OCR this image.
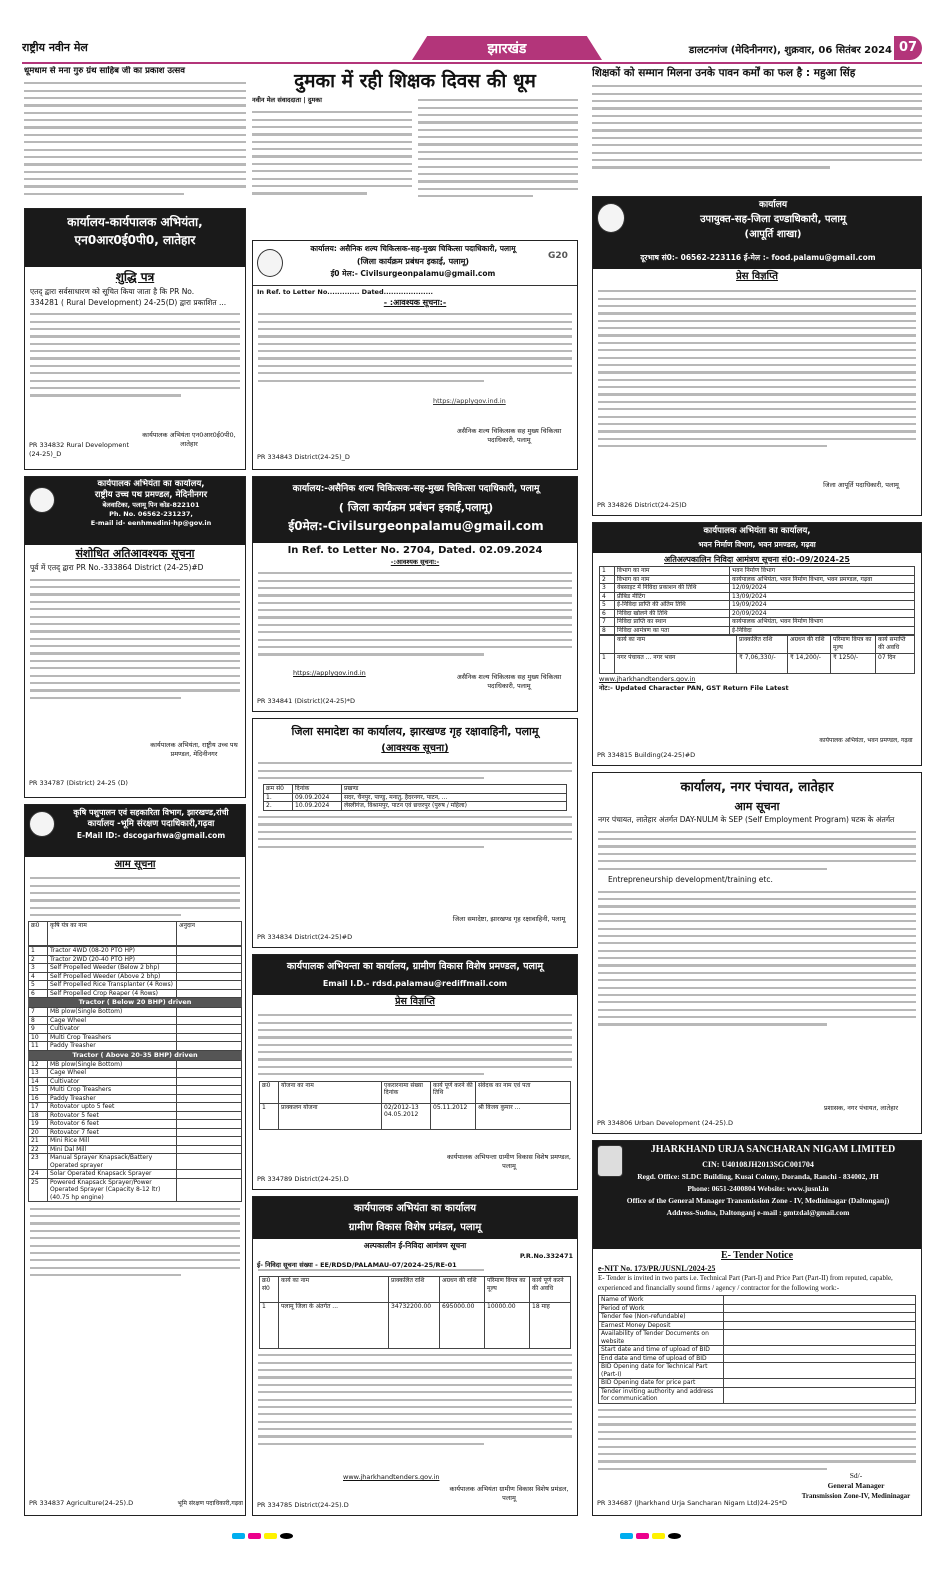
राष्ट्रीय नवीन मेल	झारखंड	डालटनगंज (मेदिनीनगर), शुक्रवार, 06 सितंबर 2024 07
धूमधाम से मना गुरु ग्रंथ साहिब जी का प्रकाश उत्सव	दुमका में रही शिक्षक दिवस की धूम
नवीन मेल संवाददाता | दुमका
शिक्षकों को सम्मान मिलना उनके पावन कर्मों का फल है : महुआ सिंह
कार्यालय-कार्यपालक अभियंता,
एन0आर0ई0पी0, लातेहार
शुद्धि पत्र
एतद् द्वारा सर्वसाधारण को सूचित किया जाता है कि PR No.
334281 ( Rural Development) 24-25(D) द्वारा प्रकाशित ...
कार्यपालक अभियंता एन0आर0ई0पी0, लातेहार
PR 334832 Rural Development (24-25)_D
कार्यपालक अभियंता का कार्यालय,
राष्ट्रीय उच्च पथ प्रमण्डल, मेदिनीनगर
बेलवाटिका, पलामू पिन कोड-822101
Ph. No. 06562-231237,
E-mail id- eenhmedini-hp@gov.in
संशोधित अतिआवश्यक सूचना
पूर्व में एतद् द्वारा PR No.-333864 District (24-25)#D
कार्यपालक अभियंता, राष्ट्रीय उच्च पथ प्रमण्डल, मेदिनीनगर
PR 334787 (District) 24-25 (D)
कृषि पशुपालन एवं सहकारिता विभाग, झारखण्ड,रांची
कार्यालय -भूमि संरक्षण पदाधिकारी,गढ़वा
E-Mail ID:- dscogarhwa@gmail.com
आम सूचना
क्र0	कृषि यंत्र का नाम	अनुदान
1	Tractor 4WD (08-20 PTO HP)	
2	Tractor 2WD (20-40 PTO HP)	
3	Self Propelled Weeder (Below 2 bhp)	
4	Self Propelled Weeder (Above 2 bhp)	
5	Self Propelled Rice Transplanter (4 Rows)	
6	Self Propelled Crop Reaper (4 Rows)	
Tractor ( Below 20 BHP) driven
7	MB plow(Single Bottom)	
8	Cage Wheel	
9	Cultivator	
10	Multi Crop Treashers	
11	Paddy Treasher	
Tractor ( Above 20-35 BHP) driven
12	MB plow(Single Bottom)	
13	Cage Wheel	
14	Cultivator	
15	Multi Crop Treashers	
16	Paddy Treasher	
17	Rotovator upto 5 feet	
18	Rotovator 5 feet	
19	Rotovator 6 feet	
20	Rotovator 7 feet	
21	Mini Rice Mill	
22	Mini Dal Mill	
23	Manual Sprayer Knapsack/Battery Operated sprayer	
24	Solar Operated Knapsack Sprayer	
25	Powered Knapsack Sprayer/Power Operated Sprayer (Capacity 8-12 ltr) (40.75 hp engine)	
PR 334837 Agriculture(24-25).D	भूमि संरक्षण पदाधिकारी,गढ़वा
G20
कार्यालय: असैनिक शल्य चिकित्सक-सह-मुख्य चिकित्सा पदाधिकारी, पलामू
(जिला कार्यक्रम प्रबंधन इकाई, पलामू)
ई0 मेल:- Civilsurgeonpalamu@gmail.com
In Ref. to Letter No............. Dated....................
- :आवश्यक सूचना:-
https://applygov.ind.in
असैनिक शल्य चिकित्सक सह मुख्य चिकित्सा पदाधिकारी, पलामू
PR 334843 District(24-25)_D
कार्यालय:-असैनिक शल्य चिकित्सक-सह-मुख्य चिकित्सा पदाधिकारी, पलामू
( जिला कार्यक्रम प्रबंधन इकाई,पलामू)
ई0मेल:-Civilsurgeonpalamu@gmail.com
In Ref. to Letter No. 2704, Dated. 02.09.2024
-:आवश्यक सूचना:-
https://applygov.ind.in	असैनिक शल्य चिकित्सक सह मुख्य चिकित्सा पदाधिकारी, पलामू
PR 334841 (District)(24-25)*D
जिला समादेष्टा का कार्यालय, झारखण्ड गृह रक्षावाहिनी, पलामू
(आवश्यक सूचना)
क्रम सं0	दिनांक	प्रखण्ड
1.	09.09.2024	सदर, चैनपुर, पाण्डु, मनातु, हैदरनगर, पाटन, ...
2.	10.09.2024	लेस्लीगंज, विश्रामपुर, पाटन एवं छत्तरपुर (पुरुष / महिला)
जिला समादेष्टा, झारखण्ड गृह रक्षावाहिनी, पलामू
PR 334834 District(24-25)#D
कार्यपालक अभियन्ता का कार्यालय, ग्रामीण विकास विशेष प्रमण्डल, पलामू
Email I.D.- rdsd.palamau@rediffmail.com
प्रेस विज्ञप्ति
क्र0	योजना का नाम	एकरारनामा संख्या दिनांक	कार्य पूर्ण करने की तिथि	संवेदक का नाम एवं पता
1	प्राक्कलन योजना	02/2012-13 04.05.2012	05.11.2012	श्री विजय कुमार ...
कार्यपालक अभियन्ता ग्रामीण विकास विशेष प्रमण्डल, पलामू
PR 334789 District(24-25).D
कार्यपालक अभियंता का कार्यालय
ग्रामीण विकास विशेष प्रमंडल, पलामू
अल्पकालीन ई-निविदा आमंत्रण सूचना
ई- निविदा सूचना संख्या - EE/RDSD/PALAMAU-07/2024-25/RE-01
P.R.No.332471
क्र0 सं0	कार्य का नाम	प्राक्कलित राशि	अग्रधन की राशि	परिमाण विपत्र का मूल्य	कार्य पूर्ण करने की अवधि
1	पलामू जिला के अंतर्गत ...	34732200.00	695000.00	10000.00	18 माह
www.jharkhandtenders.gov.in
कार्यपालक अभियंता ग्रामीण विकास विशेष प्रमंडल, पलामू
PR 334785 District(24-25).D
कार्यालय
उपायुक्त-सह-जिला दण्डाधिकारी, पलामू
(आपूर्ति शाखा)
दूरभाष सं0:- 06562-223116 ई-मेल :- food.palamu@gmail.com
प्रेस विज्ञप्ति
जिला आपूर्ति पदाधिकारी, पलामू
PR 334826 District(24-25)D
कार्यपालक अभियंता का कार्यालय,
भवन निर्माण विभाग, भवन प्रमण्डल, गढ़वा
अतिअल्पकालिन निविदा आमंत्रण सूचना सं0:-09/2024-25
1	विभाग का नाम	भवन निर्माण विभाग
2	विभाग का नाम	कार्यपालक अभियंता, भवन निर्माण विभाग, भवन प्रमण्डल, गढ़वा
3	वेबसाइट में निविदा प्रकाशन की तिथि	12/09/2024
4	प्रीबिड मीटिंग	13/09/2024
5	ई-निविदा प्राप्ति की अंतिम तिथि	19/09/2024
6	निविदा खोलने की तिथि	20/09/2024
7	निविदा प्राप्ति का स्थान	कार्यपालक अभियंता, भवन निर्माण विभाग
8	निविदा आमंत्रण का पता	ई-निविदा
	कार्य का नाम	प्राक्कलित राशि	अग्रधन की राशि	परिमाण विपत्र का मूल्य	कार्य समाप्ति की अवधि
1	नगर पंचायत ... नगर भवन	₹ 7,06,330/-	₹ 14,200/-	₹ 1250/-	07 दिन
www.jharkhandtenders.gov.in
नोट:- Updated Character PAN, GST Return File Latest
कार्यपालक अभियंता, भवन प्रमण्डल, गढ़वा
PR 334815 Building(24-25)#D
कार्यालय, नगर पंचायत, लातेहार
आम सूचना
नगर पंचायत, लातेहार अंतर्गत DAY-NULM के SEP (Self Employment Program) घटक के अंतर्गत
Entrepreneurship development/training etc.
प्रशासक, नगर पंचायत, लातेहार
PR 334806 Urban Development (24-25).D
JHARKHAND URJA SANCHARAN NIGAM LIMITED
CIN: U40108JH2013SGC001704
Regd. Office: SLDC Building, Kusai Colony, Doranda, Ranchi - 834002, JH
Phone: 0651-2400804 Website: www.jusnl.in
Office of the General Manager Transmission Zone - IV, Medininagar (Daltonganj)
Address-Sudna, Daltonganj e-mail : gmtzdal@gmail.com
E- Tender Notice
e-NIT No. 173/PR/JUSNL/2024-25
E- Tender is invited in two parts i.e. Technical Part (Part-I) and Price Part (Part-II) from reputed, capable, experienced and financially sound firms / agency / contractor for the following work:-
Name of Work	
Period of Work	
Tender fee (Non-refundable)	
Earnest Money Deposit	
Availability of Tender Documents on website	
Start date and time of upload of BID	
End date and time of upload of BID	
BID Opening date for Technical Part (Part-I)	
BID Opening date for price part	
Tender inviting authority and address for communication	
Sd/-
General Manager
Transmission Zone-IV, Medininagar
PR 334687 (Jharkhand Urja Sancharan Nigam Ltd)24-25*D
